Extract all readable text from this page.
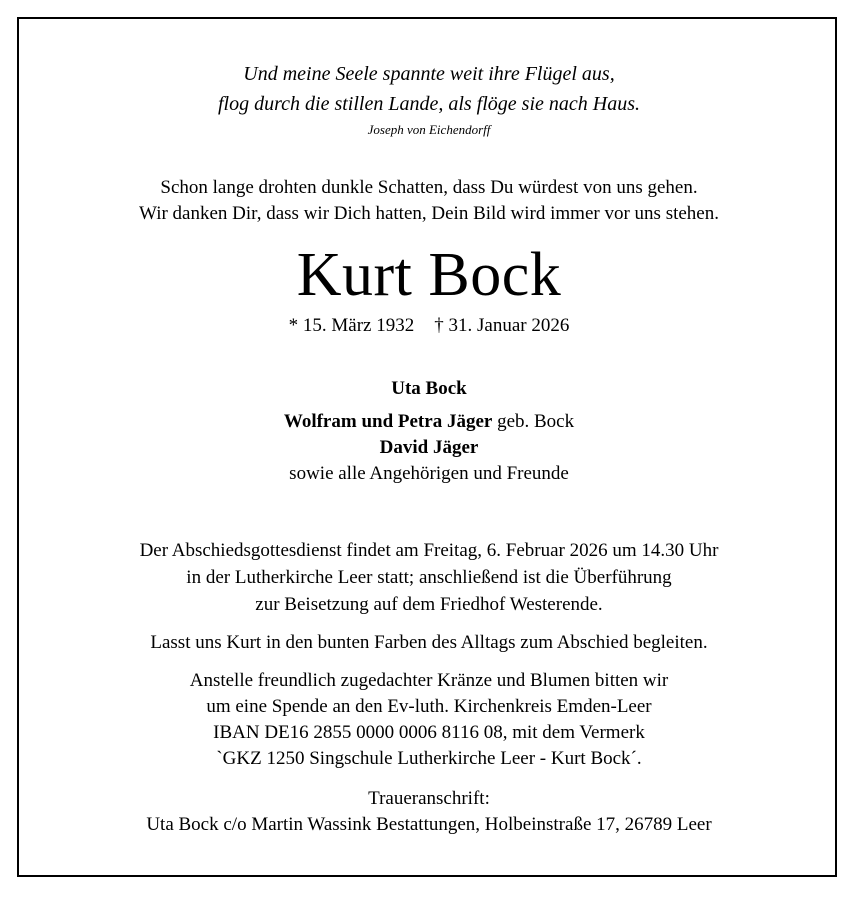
Und meine Seele spannte weit ihre Flügel aus,
flog durch die stillen Lande, als flöge sie nach Haus.
Joseph von Eichendorff
Schon lange drohten dunkle Schatten, dass Du würdest von uns gehen.
Wir danken Dir, dass wir Dich hatten, Dein Bild wird immer vor uns stehen.
Kurt Bock
* 15. März 1932 † 31. Januar 2026
Uta Bock
Wolfram und Petra Jäger geb. Bock
David Jäger
sowie alle Angehörigen und Freunde
Der Abschiedsgottesdienst findet am Freitag, 6. Februar 2026 um 14.30 Uhr
in der Lutherkirche Leer statt; anschließend ist die Überführung
zur Beisetzung auf dem Friedhof Westerende.
Lasst uns Kurt in den bunten Farben des Alltags zum Abschied begleiten.
Anstelle freundlich zugedachter Kränze und Blumen bitten wir
um eine Spende an den Ev-luth. Kirchenkreis Emden-Leer
IBAN DE16 2855 0000 0006 8116 08, mit dem Vermerk
`GKZ 1250 Singschule Lutherkirche Leer - Kurt Bock´.
Traueranschrift:
Uta Bock c/o Martin Wassink Bestattungen, Holbeinstraße 17, 26789 Leer
